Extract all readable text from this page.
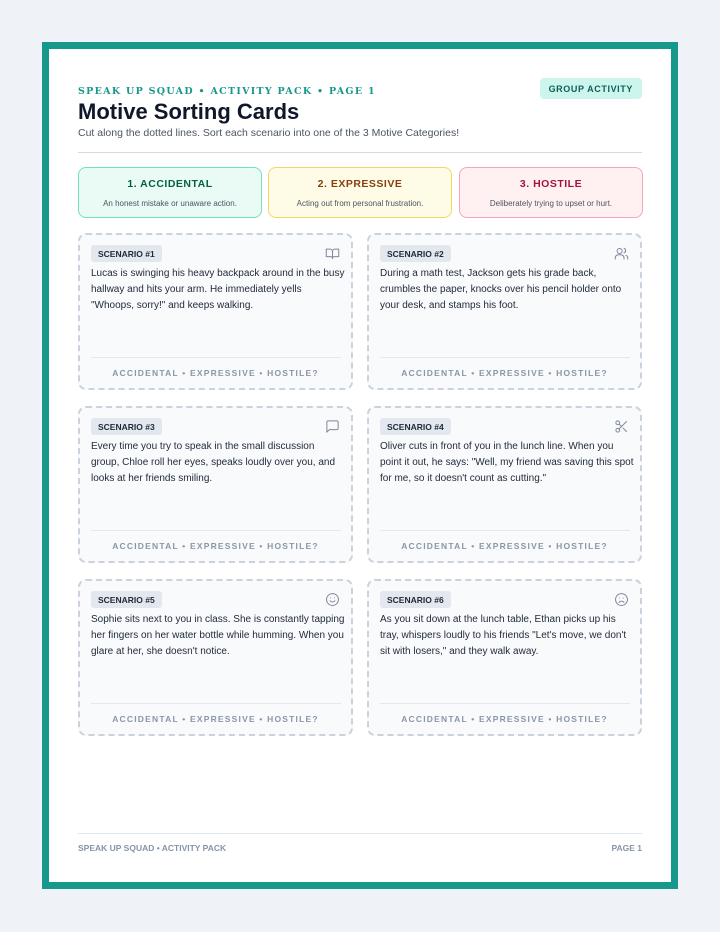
SPEAK UP SQUAD • ACTIVITY PACK • PAGE 1	GROUP ACTIVITY
Motive Sorting Cards
Cut along the dotted lines. Sort each scenario into one of the 3 Motive Categories!
1. ACCIDENTAL
An honest mistake or unaware action.
2. EXPRESSIVE
Acting out from personal frustration.
3. HOSTILE
Deliberately trying to upset or hurt.
SCENARIO #1
Lucas is swinging his heavy backpack around in the busy hallway and hits your arm. He immediately yells "Whoops, sorry!" and keeps walking.
ACCIDENTAL • EXPRESSIVE • HOSTILE?
SCENARIO #2
During a math test, Jackson gets his grade back, crumbles the paper, knocks over his pencil holder onto your desk, and stamps his foot.
ACCIDENTAL • EXPRESSIVE • HOSTILE?
SCENARIO #3
Every time you try to speak in the small discussion group, Chloe roll her eyes, speaks loudly over you, and looks at her friends smiling.
ACCIDENTAL • EXPRESSIVE • HOSTILE?
SCENARIO #4
Oliver cuts in front of you in the lunch line. When you point it out, he says: "Well, my friend was saving this spot for me, so it doesn't count as cutting."
ACCIDENTAL • EXPRESSIVE • HOSTILE?
SCENARIO #5
Sophie sits next to you in class. She is constantly tapping her fingers on her water bottle while humming. When you glare at her, she doesn't notice.
ACCIDENTAL • EXPRESSIVE • HOSTILE?
SCENARIO #6
As you sit down at the lunch table, Ethan picks up his tray, whispers loudly to his friends "Let's move, we don't sit with losers," and they walk away.
ACCIDENTAL • EXPRESSIVE • HOSTILE?
SPEAK UP SQUAD • ACTIVITY PACK	PAGE 1
